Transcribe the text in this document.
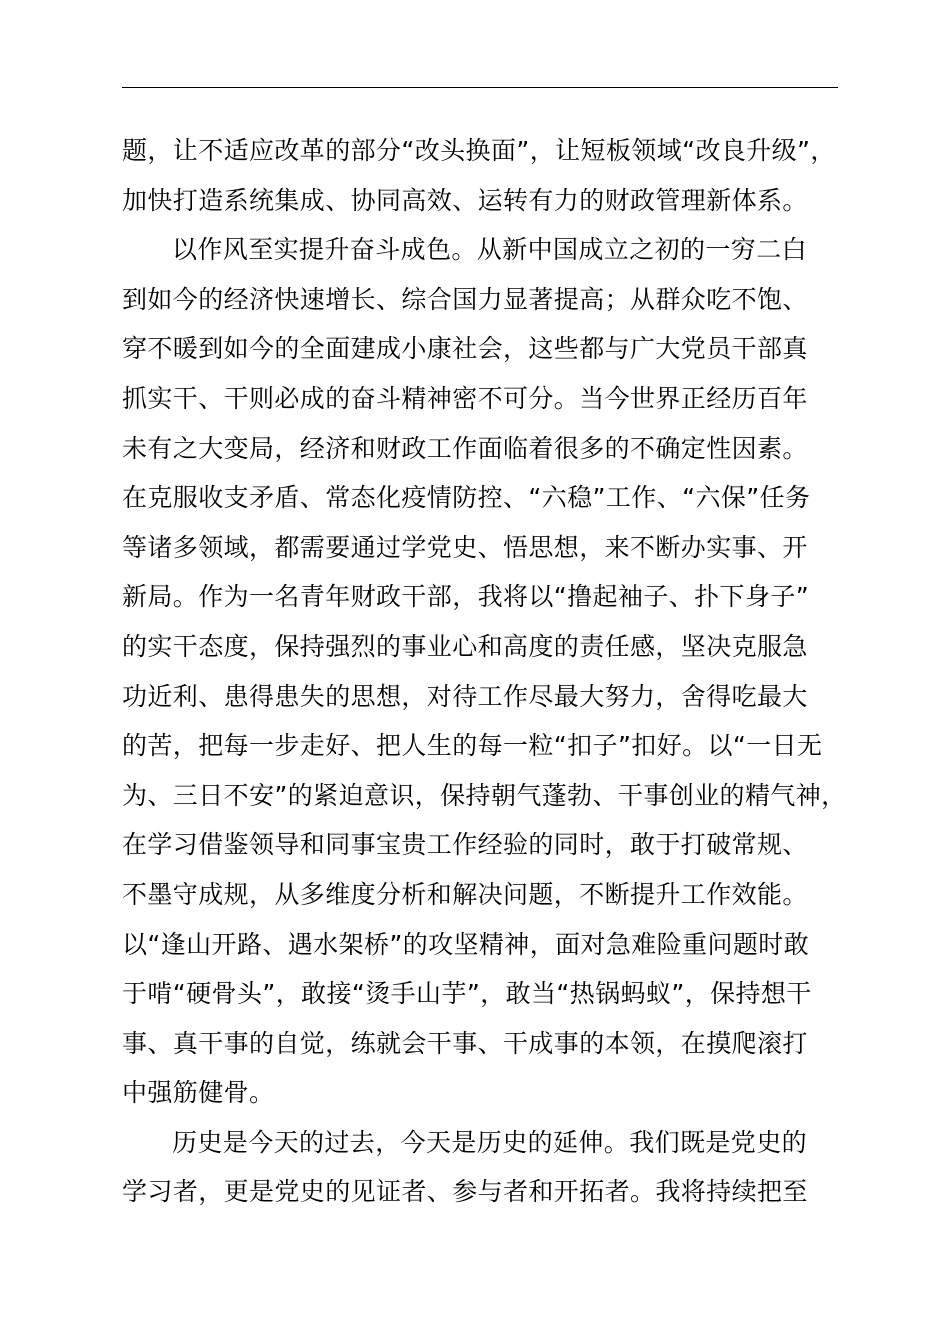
题，让不适应改革的部分“改头换面”，让短板领域“改良升级”，
加快打造系统集成、协同高效、运转有力的财政管理新体系。
以作风至实提升奋斗成色。从新中国成立之初的一穷二白
到如今的经济快速增长、综合国力显著提高；从群众吃不饱、
穿不暖到如今的全面建成小康社会，这些都与广大党员干部真
抓实干、干则必成的奋斗精神密不可分。当今世界正经历百年
未有之大变局，经济和财政工作面临着很多的不确定性因素。
在克服收支矛盾、常态化疫情防控、“六稳”工作、“六保”任务
等诸多领域，都需要通过学党史、悟思想，来不断办实事、开
新局。作为一名青年财政干部，我将以“撸起袖子、扑下身子”
的实干态度，保持强烈的事业心和高度的责任感，坚决克服急
功近利、患得患失的思想，对待工作尽最大努力，舍得吃最大
的苦，把每一步走好、把人生的每一粒“扣子”扣好。以“一日无
为、三日不安”的紧迫意识，保持朝气蓬勃、干事创业的精气神，
在学习借鉴领导和同事宝贵工作经验的同时，敢于打破常规、
不墨守成规，从多维度分析和解决问题，不断提升工作效能。
以“逢山开路、遇水架桥”的攻坚精神，面对急难险重问题时敢
于啃“硬骨头”，敢接“烫手山芋”，敢当“热锅蚂蚁”，保持想干
事、真干事的自觉，练就会干事、干成事的本领，在摸爬滚打
中强筋健骨。
历史是今天的过去，今天是历史的延伸。我们既是党史的
学习者，更是党史的见证者、参与者和开拓者。我将持续把至
